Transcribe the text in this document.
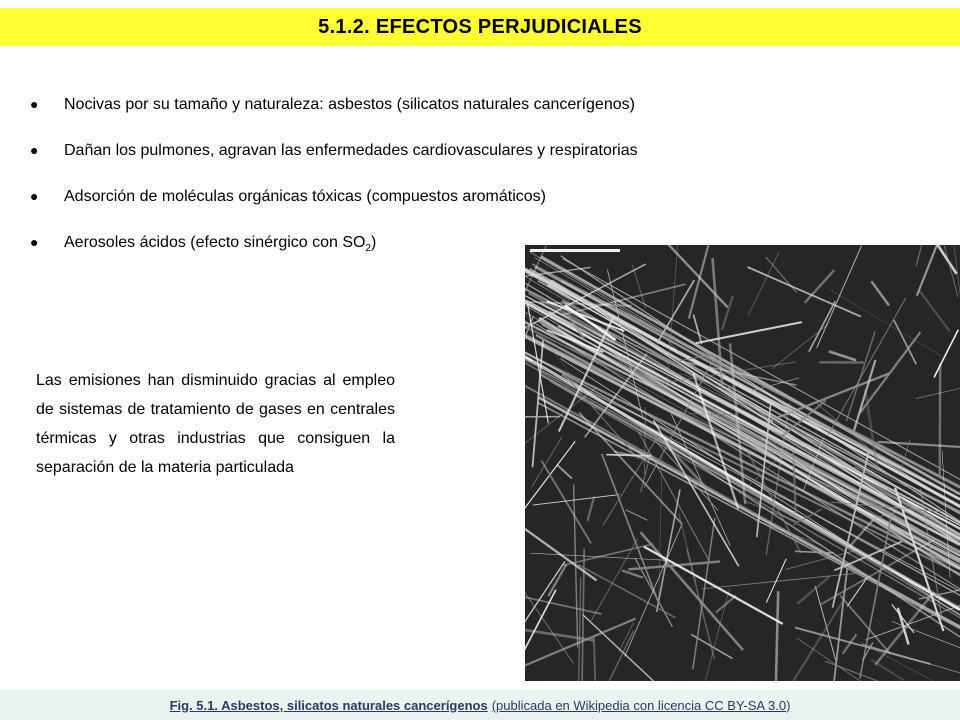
5.1.2. EFECTOS PERJUDICIALES
●	Nocivas por su tamaño y naturaleza: asbestos (silicatos naturales cancerígenos)
●	Dañan los pulmones, agravan las enfermedades cardiovasculares y respiratorias
●	Adsorción de moléculas orgánicas tóxicas (compuestos aromáticos)
●	Aerosoles ácidos (efecto sinérgico con $SO_2$)

Las emisiones han disminuido gracias al empleo de sistemas de tratamiento de gases en centrales térmicas y otras industrias que consiguen la separación de la materia particulada

Fig. 5.1. Asbestos, silicatos naturales cancerígenos (publicada en Wikipedia con licencia CC BY-SA 3.0)
